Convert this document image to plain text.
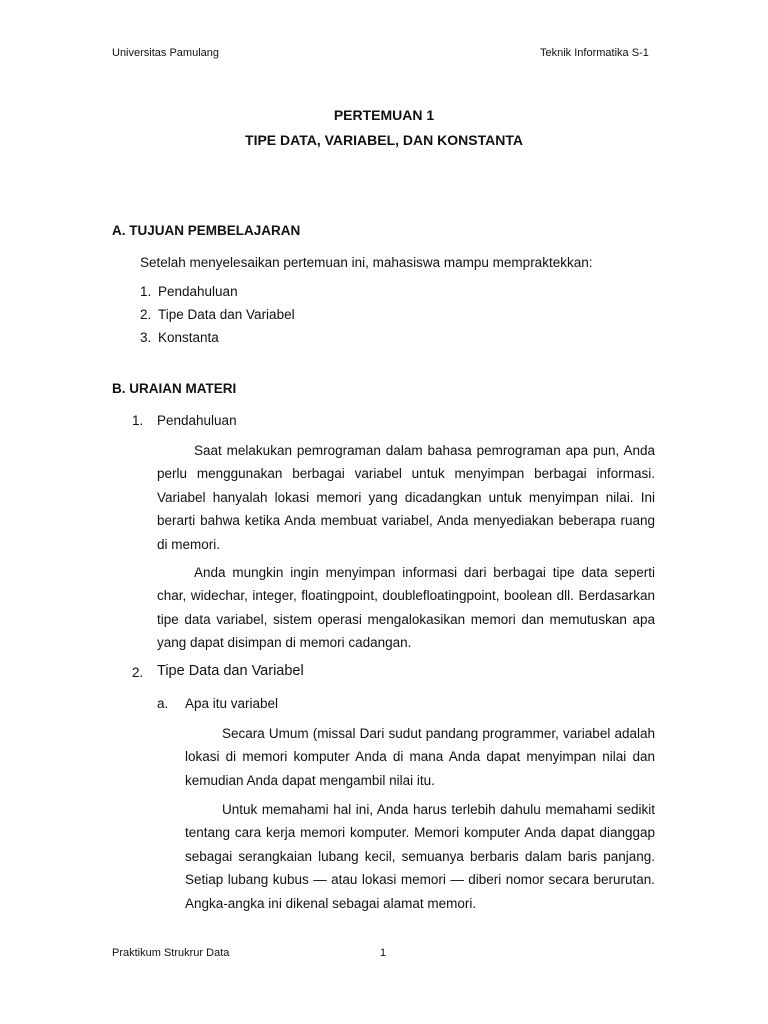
Universitas Pamulang	Teknik Informatika S-1
PERTEMUAN 1
TIPE DATA, VARIABEL, DAN KONSTANTA
A. TUJUAN PEMBELAJARAN
Setelah menyelesaikan pertemuan ini, mahasiswa mampu mempraktekkan:
1. Pendahuluan
2. Tipe Data dan Variabel
3. Konstanta
B. URAIAN MATERI
1. Pendahuluan

Saat melakukan pemrograman dalam bahasa pemrograman apa pun, Anda perlu menggunakan berbagai variabel untuk menyimpan berbagai informasi. Variabel hanyalah lokasi memori yang dicadangkan untuk menyimpan nilai. Ini berarti bahwa ketika Anda membuat variabel, Anda menyediakan beberapa ruang di memori.

Anda mungkin ingin menyimpan informasi dari berbagai tipe data seperti char, widechar, integer, floatingpoint, doublefloatingpoint, boolean dll. Berdasarkan tipe data variabel, sistem operasi mengalokasikan memori dan memutuskan apa yang dapat disimpan di memori cadangan.

2. Tipe Data dan Variabel
a. Apa itu variabel

Secara Umum (missal Dari sudut pandang programmer, variabel adalah lokasi di memori komputer Anda di mana Anda dapat menyimpan nilai dan kemudian Anda dapat mengambil nilai itu.

Untuk memahami hal ini, Anda harus terlebih dahulu memahami sedikit tentang cara kerja memori komputer. Memori komputer Anda dapat dianggap sebagai serangkaian lubang kecil, semuanya berbaris dalam baris panjang. Setiap lubang kubus — atau lokasi memori — diberi nomor secara berurutan. Angka-angka ini dikenal sebagai alamat memori.

Praktikum Strukrur Data	1
